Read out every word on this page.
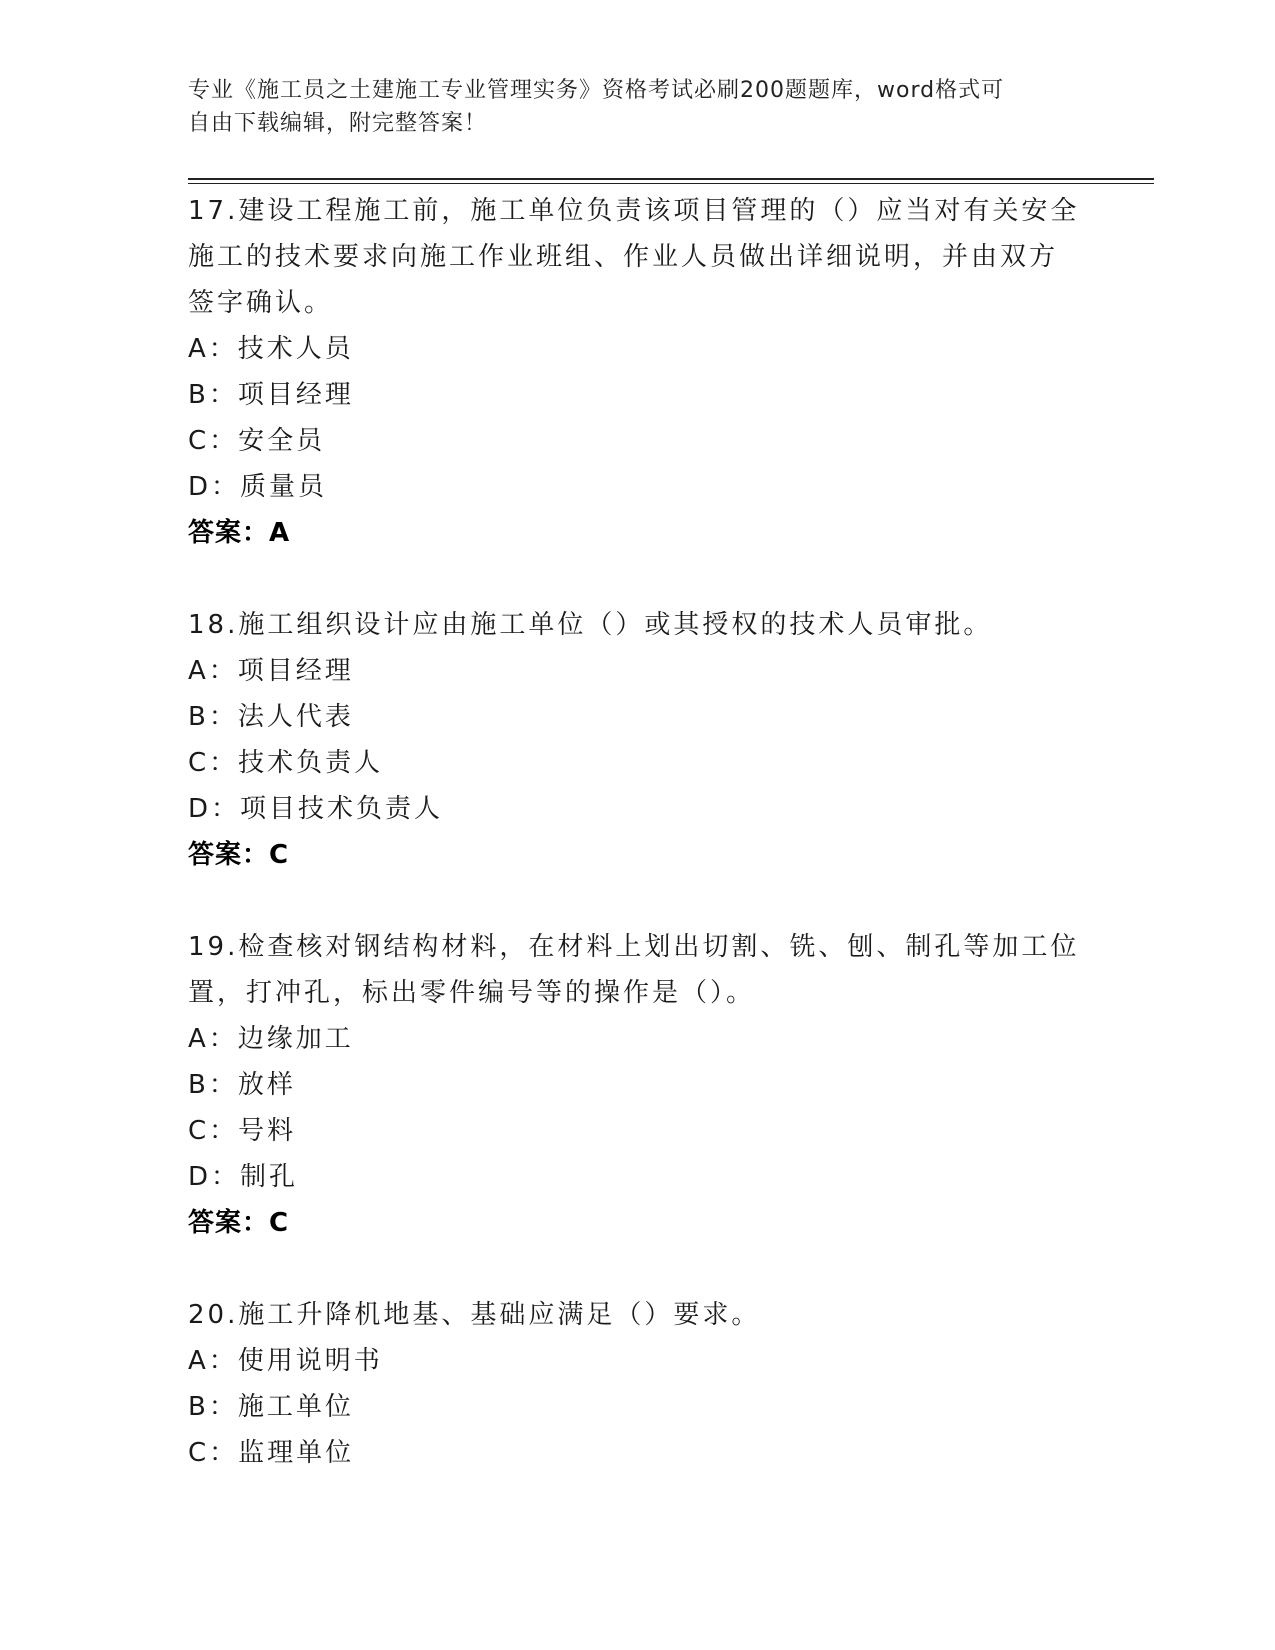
专业《施工员之土建施工专业管理实务》资格考试必刷200题题库，word格式可
自由下载编辑，附完整答案！
17.建设工程施工前，施工单位负责该项目管理的（）应当对有关安全
施工的技术要求向施工作业班组、作业人员做出详细说明，并由双方
签字确认。
A：技术人员
B：项目经理
C：安全员
D：质量员
答案：A
18.施工组织设计应由施工单位（）或其授权的技术人员审批。
A：项目经理
B：法人代表
C：技术负责人
D：项目技术负责人
答案：C
19.检查核对钢结构材料，在材料上划出切割、铣、刨、制孔等加工位
置，打冲孔，标出零件编号等的操作是（）。
A：边缘加工
B：放样
C：号料
D：制孔
答案：C
20.施工升降机地基、基础应满足（）要求。
A：使用说明书
B：施工单位
C：监理单位
